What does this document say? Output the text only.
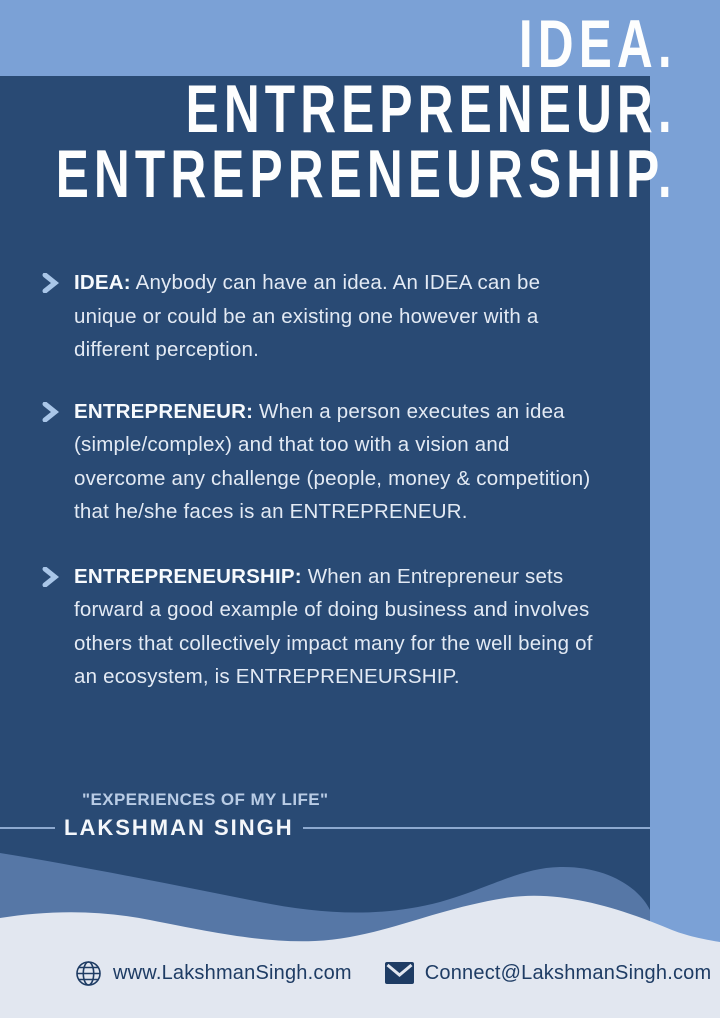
IDEA.
ENTREPRENEUR.
ENTREPRENEURSHIP.
IDEA: Anybody can have an idea. An IDEA can be unique or could be an existing one however with a different perception.
ENTREPRENEUR: When a person executes an idea (simple/complex) and that too with a vision and overcome any challenge (people, money & competition) that he/she faces is an ENTREPRENEUR.
ENTREPRENEURSHIP: When an Entrepreneur sets forward a good example of doing business and involves others that collectively impact many for the well being of an ecosystem, is ENTREPRENEURSHIP.
"EXPERIENCES OF MY LIFE"
LAKSHMAN SINGH
www.LakshmanSingh.com	Connect@LakshmanSingh.com
